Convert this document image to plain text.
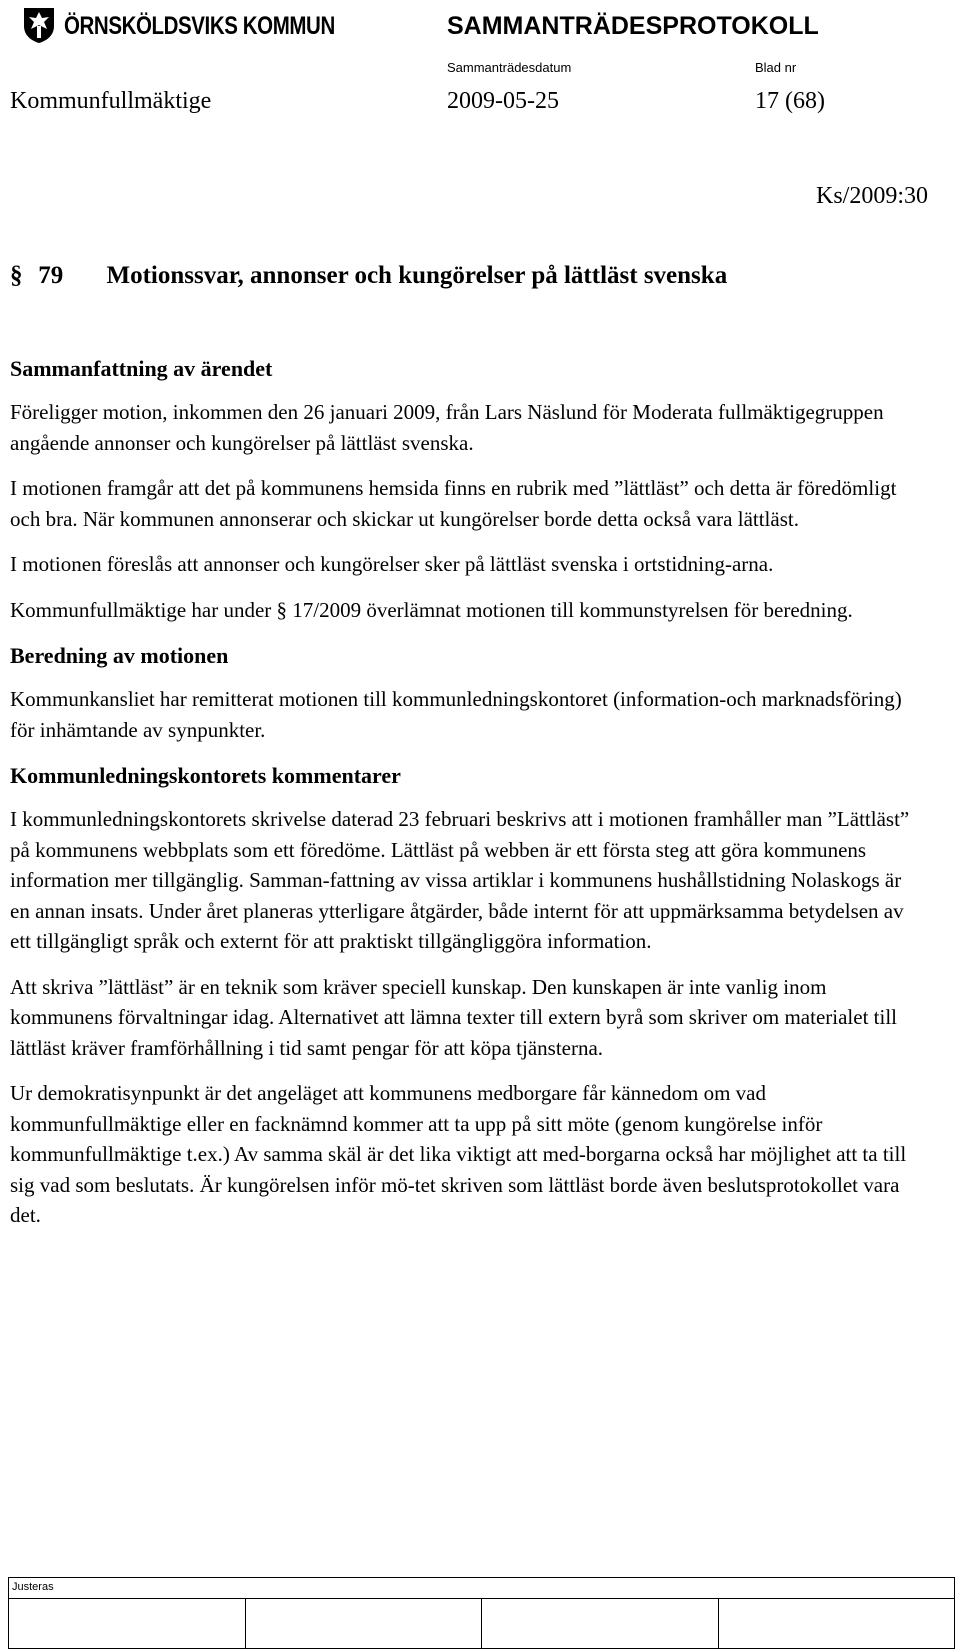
ÖRNSKÖLDSVIKS KOMMUN	SAMMANTRÄDESPROTOKOLL
Sammanträdesdatum	Blad nr
Kommunfullmäktige	2009-05-25	17 (68)
Ks/2009:30
§ 79 Motionssvar, annonser och kungörelser på lättläst svenska
Sammanfattning av ärendet

Föreligger motion, inkommen den 26 januari 2009, från Lars Näslund för Moderata fullmäktigegruppen angående annonser och kungörelser på lättläst svenska.

I motionen framgår att det på kommunens hemsida finns en rubrik med ”lättläst” och detta är föredömligt och bra. När kommunen annonserar och skickar ut kungörelser borde detta också vara lättläst.

I motionen föreslås att annonser och kungörelser sker på lättläst svenska i ortstidning-arna.

Kommunfullmäktige har under § 17/2009 överlämnat motionen till kommunstyrelsen för beredning.

Beredning av motionen

Kommunkansliet har remitterat motionen till kommunledningskontoret (information-och marknadsföring) för inhämtande av synpunkter.

Kommunledningskontorets kommentarer

I kommunledningskontorets skrivelse daterad 23 februari beskrivs att i motionen framhåller man ”Lättläst” på kommunens webbplats som ett föredöme. Lättläst på webben är ett första steg att göra kommunens information mer tillgänglig. Samman-fattning av vissa artiklar i kommunens hushållstidning Nolaskogs är en annan insats. Under året planeras ytterligare åtgärder, både internt för att uppmärksamma betydelsen av ett tillgängligt språk och externt för att praktiskt tillgängliggöra information.

Att skriva ”lättläst” är en teknik som kräver speciell kunskap. Den kunskapen är inte vanlig inom kommunens förvaltningar idag. Alternativet att lämna texter till extern byrå som skriver om materialet till lättläst kräver framförhållning i tid samt pengar för att köpa tjänsterna.

Ur demokratisynpunkt är det angeläget att kommunens medborgare får kännedom om vad kommunfullmäktige eller en facknämnd kommer att ta upp på sitt möte (genom kungörelse inför kommunfullmäktige t.ex.) Av samma skäl är det lika viktigt att med-borgarna också har möjlighet att ta till sig vad som beslutats. Är kungörelsen inför mö-tet skriven som lättläst borde även beslutsprotokollet vara det.

Justeras
